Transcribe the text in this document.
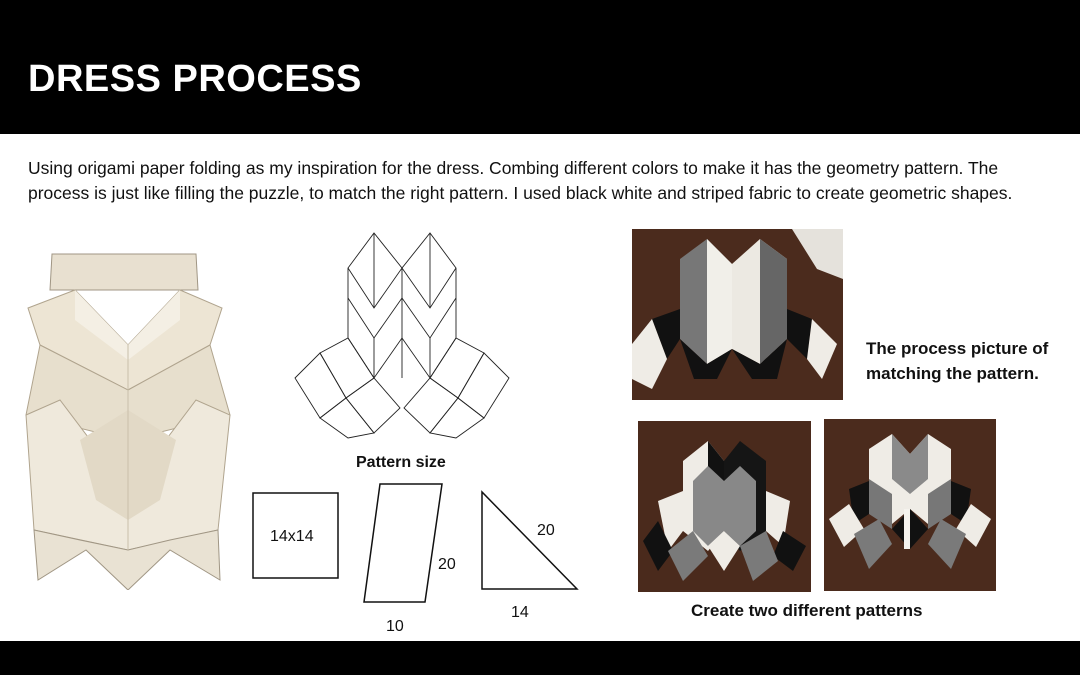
DRESS PROCESS
Using origami paper folding as my inspiration for the dress. Combing different colors to make it has the geometry pattern. The process is just like filling the puzzle, to match the right pattern. I used black white and striped fabric to create geometric shapes.
Pattern size
14x14
20
10
20
14
The process picture of
matching the pattern.
Create two different patterns
